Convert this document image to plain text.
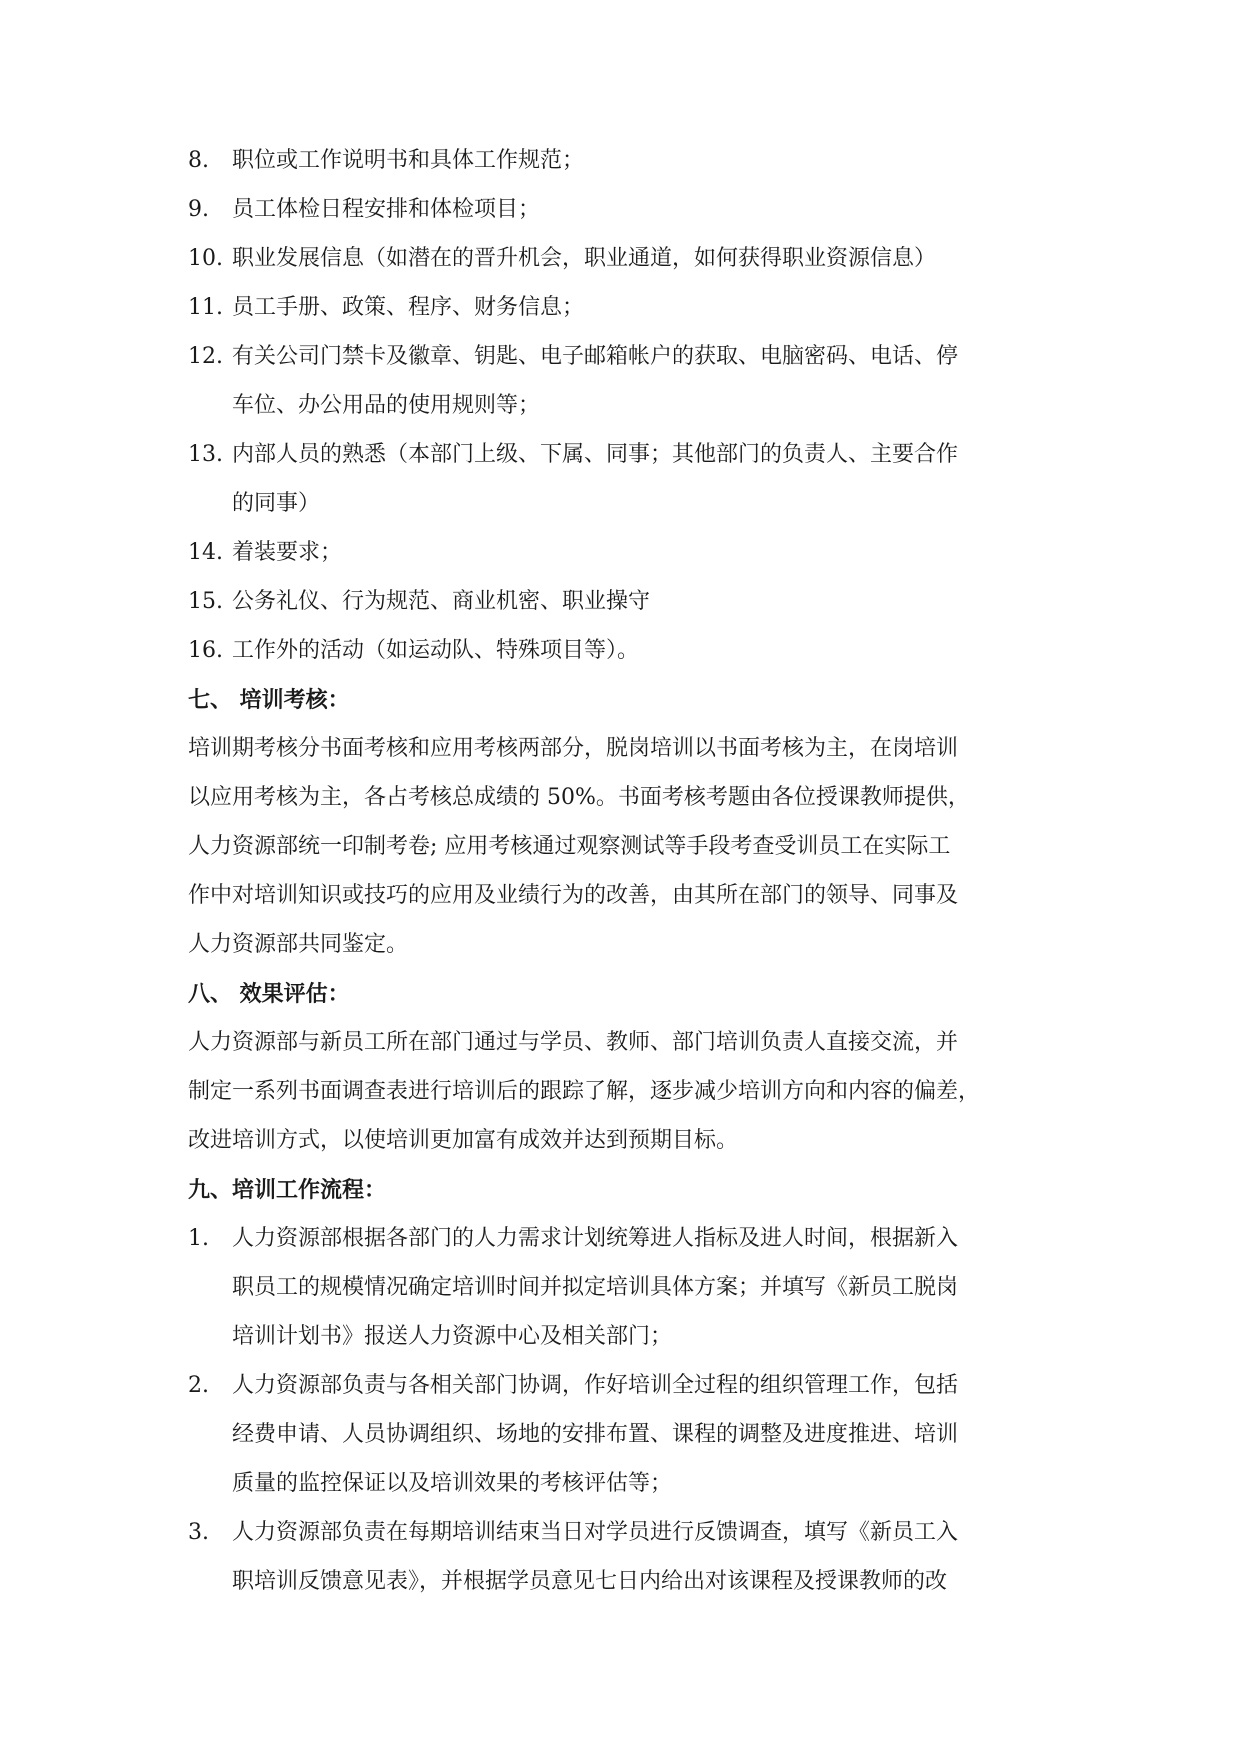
8. 职位或工作说明书和具体工作规范；
9. 员工体检日程安排和体检项目；
10. 职业发展信息（如潜在的晋升机会，职业通道，如何获得职业资源信息）
11. 员工手册、政策、程序、财务信息；
12. 有关公司门禁卡及徽章、钥匙、电子邮箱帐户的获取、电脑密码、电话、停
车位、办公用品的使用规则等；
13. 内部人员的熟悉（本部门上级、下属、同事；其他部门的负责人、主要合作
的同事）
14. 着装要求；
15. 公务礼仪、行为规范、商业机密、职业操守
16. 工作外的活动（如运动队、特殊项目等）。
七、 培训考核：
培训期考核分书面考核和应用考核两部分，脱岗培训以书面考核为主，在岗培训
以应用考核为主，各占考核总成绩的 50%。书面考核考题由各位授课教师提供，
人力资源部统一印制考卷; 应用考核通过观察测试等手段考查受训员工在实际工
作中对培训知识或技巧的应用及业绩行为的改善，由其所在部门的领导、同事及
人力资源部共同鉴定。
八、 效果评估：
人力资源部与新员工所在部门通过与学员、教师、部门培训负责人直接交流，并
制定一系列书面调查表进行培训后的跟踪了解，逐步减少培训方向和内容的偏差，
改进培训方式，以使培训更加富有成效并达到预期目标。
九、培训工作流程：
1. 人力资源部根据各部门的人力需求计划统筹进人指标及进人时间，根据新入
职员工的规模情况确定培训时间并拟定培训具体方案；并填写《新员工脱岗
培训计划书》报送人力资源中心及相关部门；
2. 人力资源部负责与各相关部门协调，作好培训全过程的组织管理工作，包括
经费申请、人员协调组织、场地的安排布置、课程的调整及进度推进、培训
质量的监控保证以及培训效果的考核评估等；
3. 人力资源部负责在每期培训结束当日对学员进行反馈调查，填写《新员工入
职培训反馈意见表》，并根据学员意见七日内给出对该课程及授课教师的改
